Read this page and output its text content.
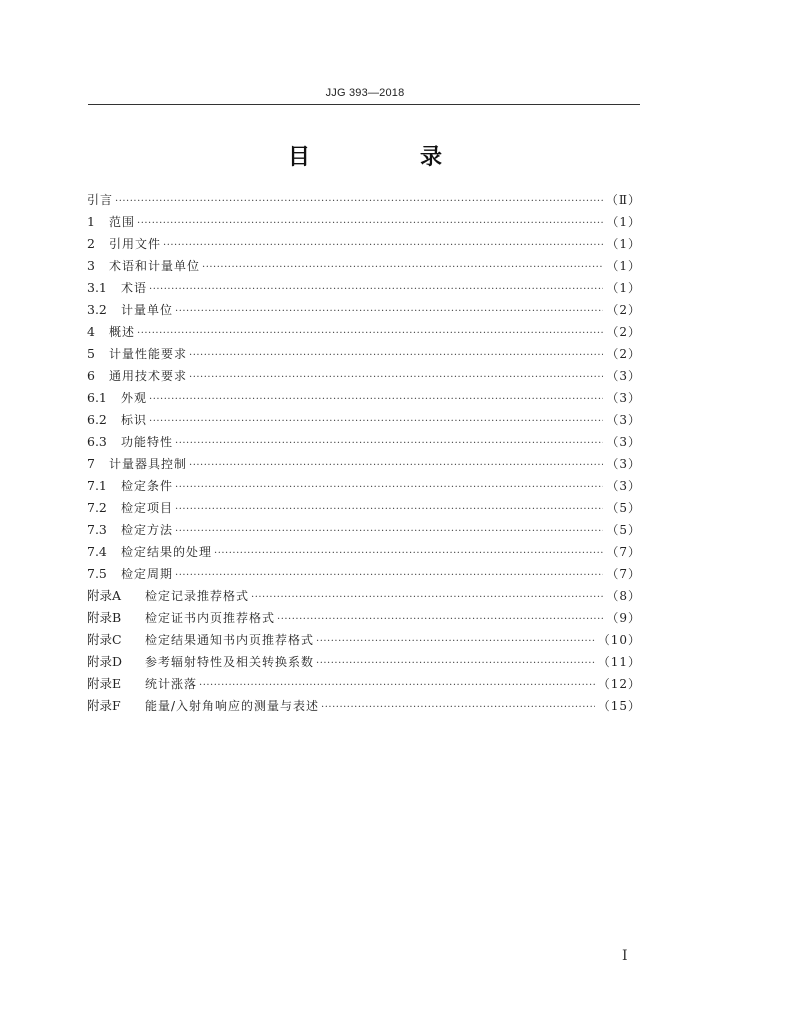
JJG 393—2018
目　录
引言 ·····	（Ⅱ）
1	范围 ·····	（1）
2	引用文件 ·····	（1）
3	术语和计量单位 ·····	（1）
3.1	术语 ·····	（1）
3.2	计量单位 ·····	（2）
4	概述 ·····	（2）
5	计量性能要求 ·····	（2）
6	通用技术要求 ·····	（3）
6.1	外观 ·····	（3）
6.2	标识 ·····	（3）
6.3	功能特性 ·····	（3）
7	计量器具控制 ·····	（3）
7.1	检定条件 ·····	（3）
7.2	检定项目 ·····	（5）
7.3	检定方法 ·····	（5）
7.4	检定结果的处理 ·····	（7）
7.5	检定周期 ·····	（7）
附录A	检定记录推荐格式 ·····	（8）
附录B	检定证书内页推荐格式 ·····	（9）
附录C	检定结果通知书内页推荐格式 ·····	（10）
附录D	参考辐射特性及相关转换系数 ·····	（11）
附录E	统计涨落 ·····	（12）
附录F	能量/入射角响应的测量与表述 ·····	（15）
Ⅰ
